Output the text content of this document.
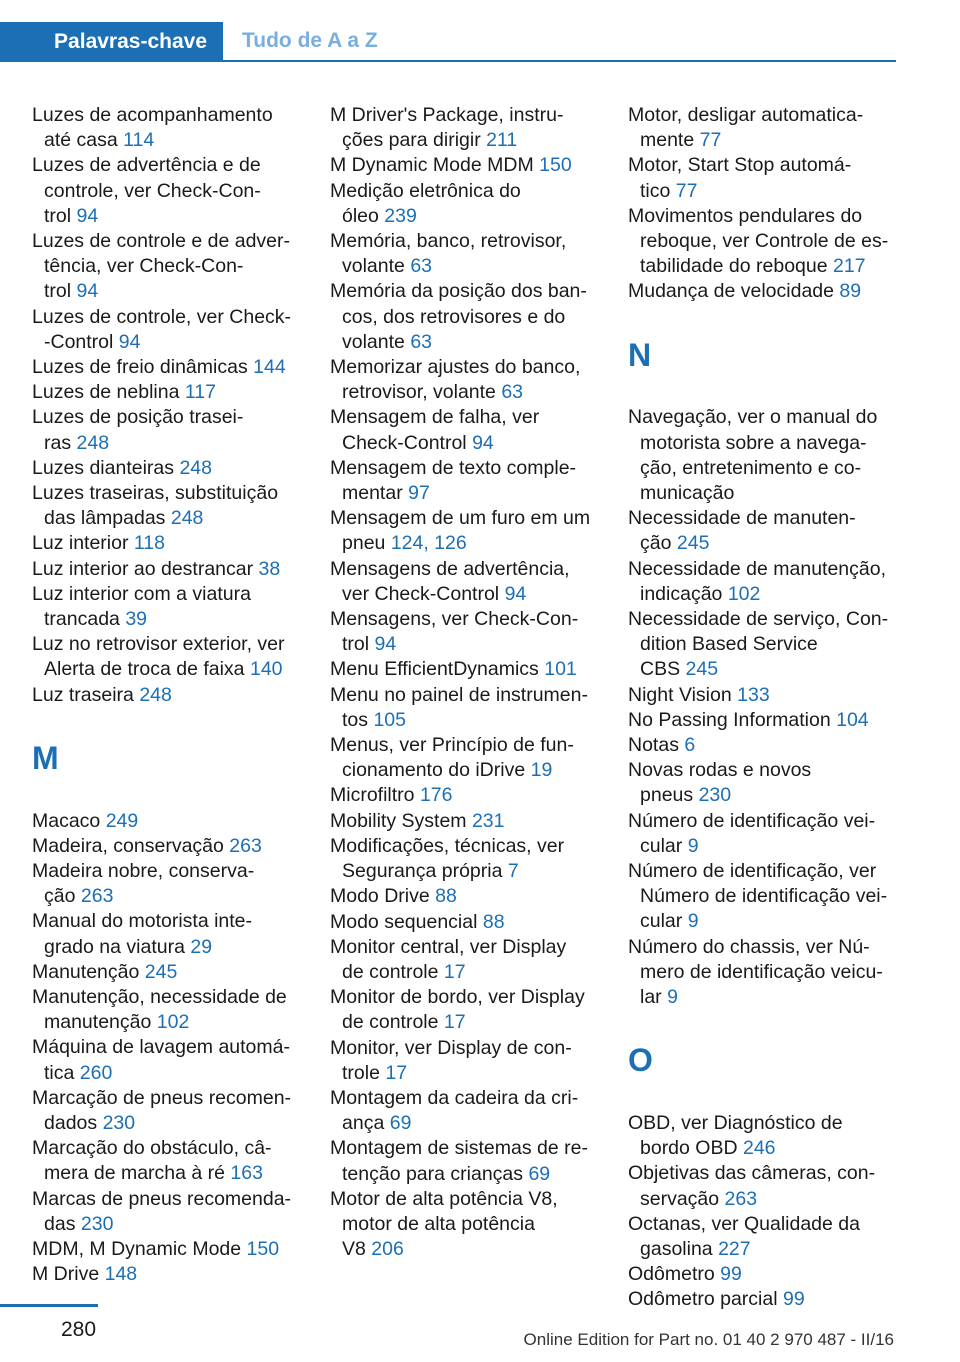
Palavras-chave	Tudo de A a Z
Luzes de acompanhamento
até casa 114
Luzes de advertência e de
controle, ver Check-Con-
trol 94
Luzes de controle e de adver-
tência, ver Check-Con-
trol 94
Luzes de controle, ver Check-
-Control 94
Luzes de freio dinâmicas 144
Luzes de neblina 117
Luzes de posição trasei-
ras 248
Luzes dianteiras 248
Luzes traseiras, substituição
das lâmpadas 248
Luz interior 118
Luz interior ao destrancar 38
Luz interior com a viatura
trancada 39
Luz no retrovisor exterior, ver
Alerta de troca de faixa 140
Luz traseira 248
M
Macaco 249
Madeira, conservação 263
Madeira nobre, conserva-
ção 263
Manual do motorista inte-
grado na viatura 29
Manutenção 245
Manutenção, necessidade de
manutenção 102
Máquina de lavagem automá-
tica 260
Marcação de pneus recomen-
dados 230
Marcação do obstáculo, câ-
mera de marcha à ré 163
Marcas de pneus recomenda-
das 230
MDM, M Dynamic Mode 150
M Drive 148
M Driver's Package, instru-
ções para dirigir 211
M Dynamic Mode MDM 150
Medição eletrônica do
óleo 239
Memória, banco, retrovisor,
volante 63
Memória da posição dos ban-
cos, dos retrovisores e do
volante 63
Memorizar ajustes do banco,
retrovisor, volante 63
Mensagem de falha, ver
Check-Control 94
Mensagem de texto comple-
mentar 97
Mensagem de um furo em um
pneu 124, 126
Mensagens de advertência,
ver Check-Control 94
Mensagens, ver Check-Con-
trol 94
Menu EfficientDynamics 101
Menu no painel de instrumen-
tos 105
Menus, ver Princípio de fun-
cionamento do iDrive 19
Microfiltro 176
Mobility System 231
Modificações, técnicas, ver
Segurança própria 7
Modo Drive 88
Modo sequencial 88
Monitor central, ver Display
de controle 17
Monitor de bordo, ver Display
de controle 17
Monitor, ver Display de con-
trole 17
Montagem da cadeira da cri-
ança 69
Montagem de sistemas de re-
tenção para crianças 69
Motor de alta potência V8,
motor de alta potência
V8 206
Motor, desligar automatica-
mente 77
Motor, Start Stop automá-
tico 77
Movimentos pendulares do
reboque, ver Controle de es-
tabilidade do reboque 217
Mudança de velocidade 89
N
Navegação, ver o manual do
motorista sobre a navega-
ção, entretenimento e co-
municação
Necessidade de manuten-
ção 245
Necessidade de manutenção,
indicação 102
Necessidade de serviço, Con-
dition Based Service
CBS 245
Night Vision 133
No Passing Information 104
Notas 6
Novas rodas e novos
pneus 230
Número de identificação vei-
cular 9
Número de identificação, ver
Número de identificação vei-
cular 9
Número do chassis, ver Nú-
mero de identificação veicu-
lar 9
O
OBD, ver Diagnóstico de
bordo OBD 246
Objetivas das câmeras, con-
servação 263
Octanas, ver Qualidade da
gasolina 227
Odômetro 99
Odômetro parcial 99
280	Online Edition for Part no. 01 40 2 970 487 - II/16
